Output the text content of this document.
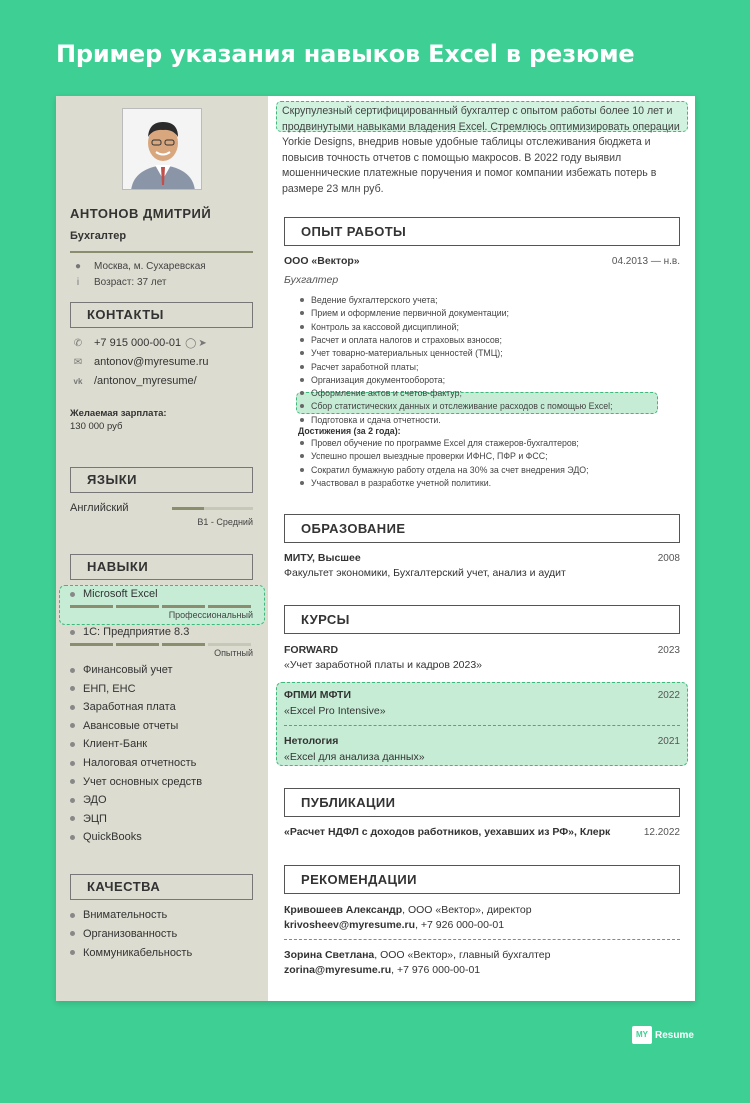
Пример указания навыков Excel в резюме
АНТОНОВ ДМИТРИЙ
Бухгалтер
●	Москва, м. Сухаревская
i	Возраст: 37 лет
КОНТАКТЫ
✆	+7 915 000-00-01 ◯ ➤
✉	antonov@myresume.ru
vk	/antonov_myresume/
Желаемая зарплата:
130 000 руб
ЯЗЫКИ
Английский
B1 - Средний
НАВЫКИ
Microsoft Excel
Профессиональный
1С: Предприятие 8.3
Опытный
Финансовый учет
ЕНП, ЕНС
Заработная плата
Авансовые отчеты
Клиент-Банк
Налоговая отчетность
Учет основных средств
ЭДО
ЭЦП
QuickBooks
КАЧЕСТВА
Внимательность
Организованность
Коммуникабельность
Скрупулезный сертифицированный бухгалтер с опытом работы более 10 лет и продвинутыми навыками владения Excel. Стремлюсь оптимизировать операции Yorkie Designs, внедрив новые удобные таблицы отслеживания бюджета и повысив точность отчетов с помощью макросов. В 2022 году выявил мошеннические платежные поручения и помог компании избежать потерь в размере 23 млн руб.
ОПЫТ РАБОТЫ
ООО «Вектор»	04.2013 — н.в.
Бухгалтер
Ведение бухгалтерского учета;
Прием и оформление первичной документации;
Контроль за кассовой дисциплиной;
Расчет и оплата налогов и страховых взносов;
Учет товарно-материальных ценностей (ТМЦ);
Расчет заработной платы;
Организация документооборота;
Оформление актов и счетов-фактур;
Сбор статистических данных и отслеживание расходов с помощью Excel;
Подготовка и сдача отчетности.
Достижения (за 2 года):
Провел обучение по программе Excel для стажеров-бухгалтеров;
Успешно прошел выездные проверки ИФНС, ПФР и ФСС;
Сократил бумажную работу отдела на 30% за счет внедрения ЭДО;
Участвовал в разработке учетной политики.
ОБРАЗОВАНИЕ
МИТУ, Высшее	2008
Факультет экономики, Бухгалтерский учет, анализ и аудит
КУРСЫ
FORWARD	2023
«Учет заработной платы и кадров 2023»
ФПМИ МФТИ	2022
«Excel Pro Intensive»
Нетология	2021
«Excel для анализа данных»
ПУБЛИКАЦИИ
«Расчет НДФЛ с доходов работников, уехавших из РФ», Клерк	12.2022
РЕКОМЕНДАЦИИ
Кривошеев Александр, ООО «Вектор», директор
krivosheev@myresume.ru, +7 926 000-00-01
Зорина Светлана, ООО «Вектор», главный бухгалтер
zorina@myresume.ru, +7 976 000-00-01
MY Resume
